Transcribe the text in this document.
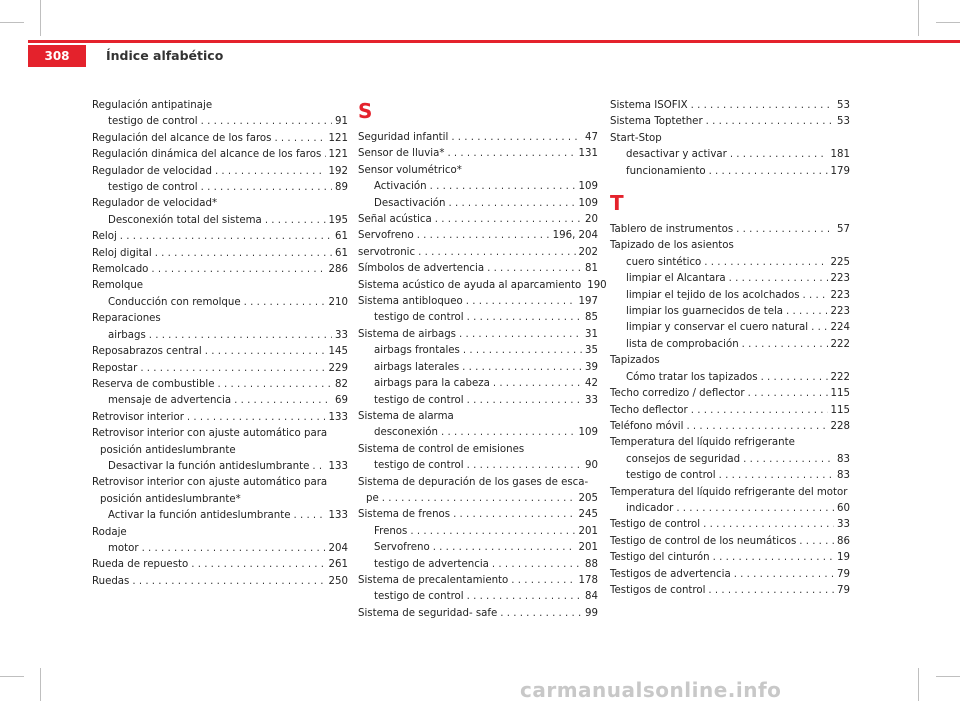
308	Índice alfabético
Regulación antipatinaje
testigo de control . . .	91
Regulación del alcance de los faros . . .	121
Regulación dinámica del alcance de los faros . . . 121
Regulador de velocidad . . .	192
testigo de control . . .	89
Regulador de velocidad*
Desconexión total del sistema . . .	195
Reloj . . .	61
Reloj digital . . .	61
Remolcado . . .	286
Remolque
Conducción con remolque . . .	210
Reparaciones
airbags . . .	33
Reposabrazos central . . .	145
Repostar . . .	229
Reserva de combustible . . .	82
mensaje de advertencia . . .	69
Retrovisor interior . . .	133
Retrovisor interior con ajuste automático para
posición antideslumbrante
Desactivar la función antideslumbrante . . . 133
Retrovisor interior con ajuste automático para
posición antideslumbrante*
Activar la función antideslumbrante . . .	133
Rodaje
motor . . .	204
Rueda de repuesto . . .	261
Ruedas . . .	250
S
Seguridad infantil . . .	47
Sensor de lluvia* . . .	131
Sensor volumétrico*
Activación . . .	109
Desactivación . . .	109
Señal acústica . . .	20
Servofreno . . .	196, 204
servotronic . . .	202
Símbolos de advertencia . . .	81
Sistema acústico de ayuda al aparcamiento 190
Sistema antibloqueo . . .	197
testigo de control . . .	85
Sistema de airbags . . .	31
airbags frontales . . .	35
airbags laterales . . .	39
airbags para la cabeza . . .	42
testigo de control . . .	33
Sistema de alarma
desconexión . . .	109
Sistema de control de emisiones
testigo de control . . .	90
Sistema de depuración de los gases de esca-
pe . . .	205
Sistema de frenos . . .	245
Frenos . . .	201
Servofreno . . .	201
testigo de advertencia . . .	88
Sistema de precalentamiento . . .	178
testigo de control . . .	84
Sistema de seguridad- safe . . .	99
Sistema ISOFIX . . .	53
Sistema Toptether . . .	53
Start-Stop
desactivar y activar . . .	181
funcionamiento . . .	179
T
Tablero de instrumentos . . .	57
Tapizado de los asientos
cuero sintético . . .	225
limpiar el Alcantara . . .	223
limpiar el tejido de los acolchados . . .	223
limpiar los guarnecidos de tela . . .	223
limpiar y conservar el cuero natural . . . 224
lista de comprobación . . .	222
Tapizados
Cómo tratar los tapizados . . .	222
Techo corredizo / deflector . . .	115
Techo deflector . . .	115
Teléfono móvil . . .	228
Temperatura del líquido refrigerante
consejos de seguridad . . .	83
testigo de control . . .	83
Temperatura del líquido refrigerante del motor
indicador . . .	60
Testigo de control . . .	33
Testigo de control de los neumáticos . . .	86
Testigo del cinturón . . .	19
Testigos de advertencia . . .	79
Testigos de control . . .	79
carmanualsonline.info
